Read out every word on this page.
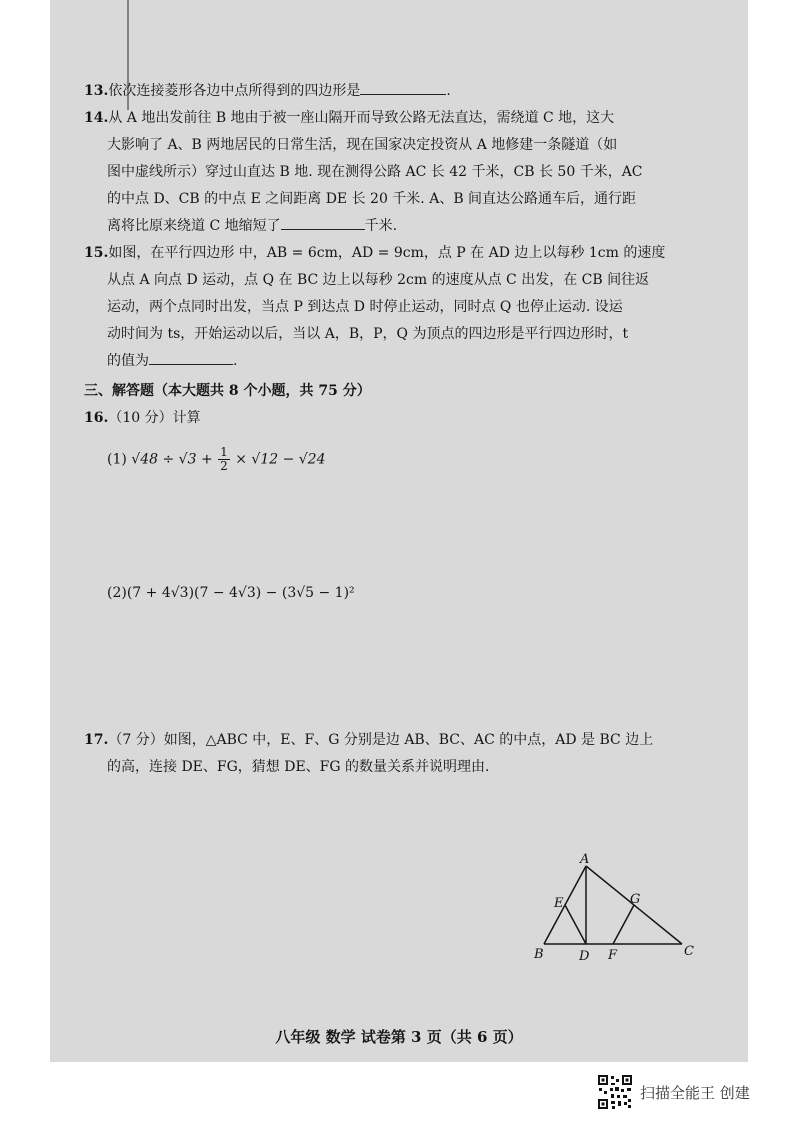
13.依次连接菱形各边中点所得到的四边形是	.

14.从 A 地出发前往 B 地由于被一座山隔开而导致公路无法直达，需绕道 C 地，这大

大影响了 A、B 两地居民的日常生活，现在国家决定投资从 A 地修建一条隧道（如

图中虚线所示）穿过山直达 B 地. 现在测得公路 AC 长 42 千米，CB 长 50 千米，AC

的中点 D、CB 的中点 E 之间距离 DE 长 20 千米. A、B 间直达公路通车后，通行距

离将比原来绕道 C 地缩短了	千米.

15.如图，在平行四边形 中，AB = 6cm，AD = 9cm，点 P 在 AD 边上以每秒 1cm 的速度

从点 A 向点 D 运动，点 Q 在 BC 边上以每秒 2cm 的速度从点 C 出发，在 CB 间往返

运动，两个点同时出发，当点 P 到达点 D 时停止运动，同时点 Q 也停止运动. 设运

动时间为 ts，开始运动以后，当以 A，B，P，Q 为顶点的四边形是平行四边形时，t

的值为	.

三、解答题（本大题共 8 个小题，共 75 分）

16.（10 分）计算

(1) $√48 \div √3 + \frac{1}{2} \times √12 - √24$
(2)(7 + 4√3)(7 − 4√3) − (3√5 − 1)²

17.（7 分）如图，△ABC 中，E、F、G 分别是边 AB、BC、AC 的中点，AD 是 BC 边上

的高，连接 DE、FG，猜想 DE、FG 的数量关系并说明理由.

A
B	C
D
E
F
G
八年级 数学 试卷第 3 页（共 6 页）
扫描全能王 创建
